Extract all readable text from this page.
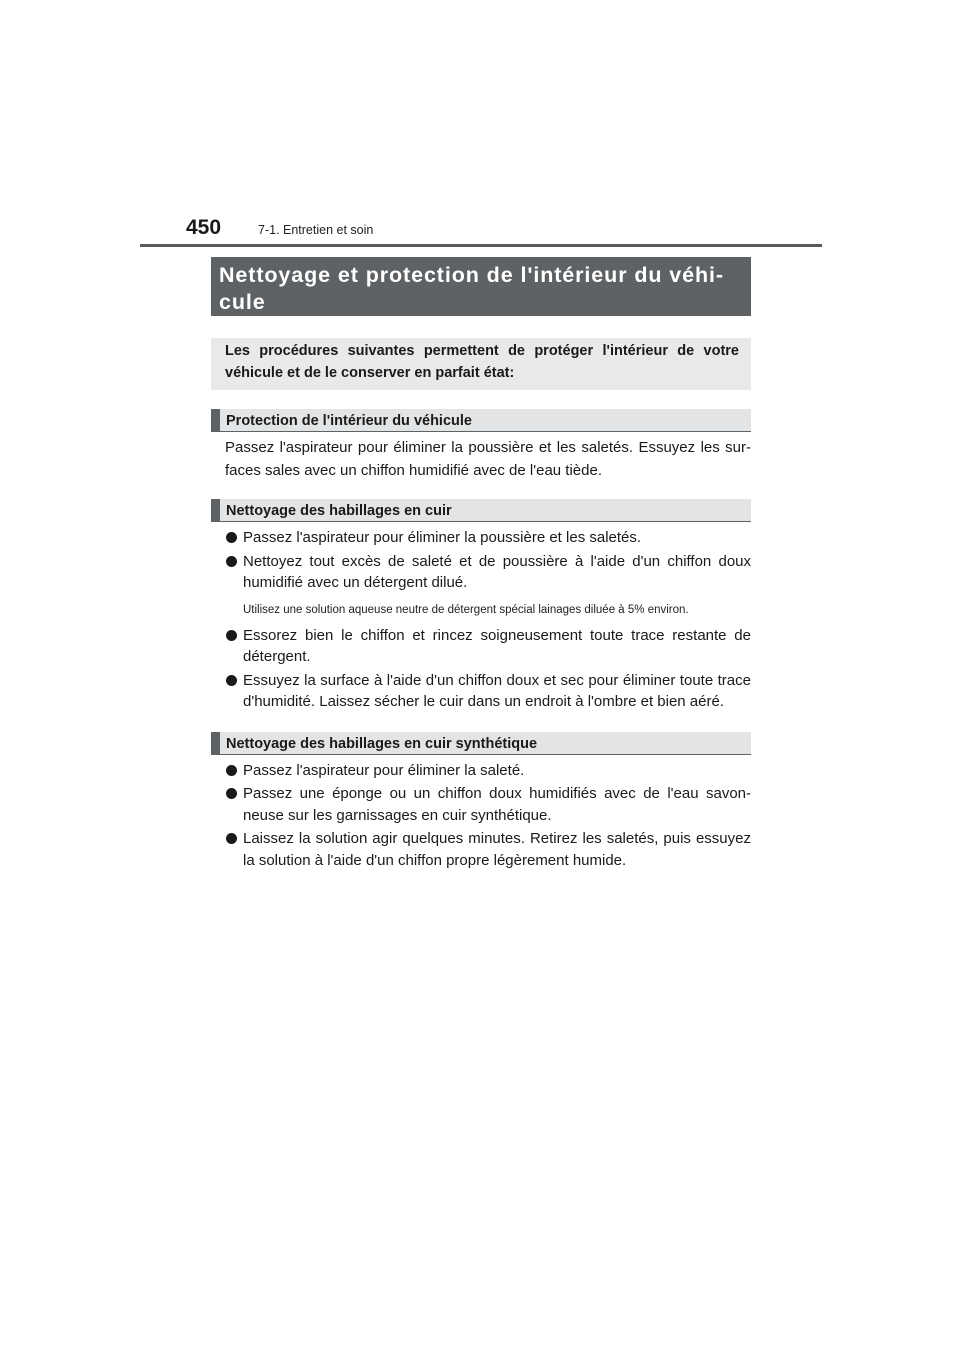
450	7-1. Entretien et soin
Nettoyage et protection de l'intérieur du véhi-cule
Les procédures suivantes permettent de protéger l'intérieur de votre véhicule et de le conserver en parfait état:
Protection de l'intérieur du véhicule

Passez l'aspirateur pour éliminer la poussière et les saletés. Essuyez les sur-faces sales avec un chiffon humidifié avec de l'eau tiède.

Nettoyage des habillages en cuir
Passez l'aspirateur pour éliminer la poussière et les saletés.
Nettoyez tout excès de saleté et de poussière à l'aide d'un chiffon doux humidifié avec un détergent dilué.

Utilisez une solution aqueuse neutre de détergent spécial lainages diluée à 5% environ.

Essorez bien le chiffon et rincez soigneusement toute trace restante de détergent.
Essuyez la surface à l'aide d'un chiffon doux et sec pour éliminer toute trace d'humidité. Laissez sécher le cuir dans un endroit à l'ombre et bien aéré.
Nettoyage des habillages en cuir synthétique
Passez l'aspirateur pour éliminer la saleté.
Passez une éponge ou un chiffon doux humidifiés avec de l'eau savon-neuse sur les garnissages en cuir synthétique.
Laissez la solution agir quelques minutes. Retirez les saletés, puis essuyez la solution à l'aide d'un chiffon propre légèrement humide.
